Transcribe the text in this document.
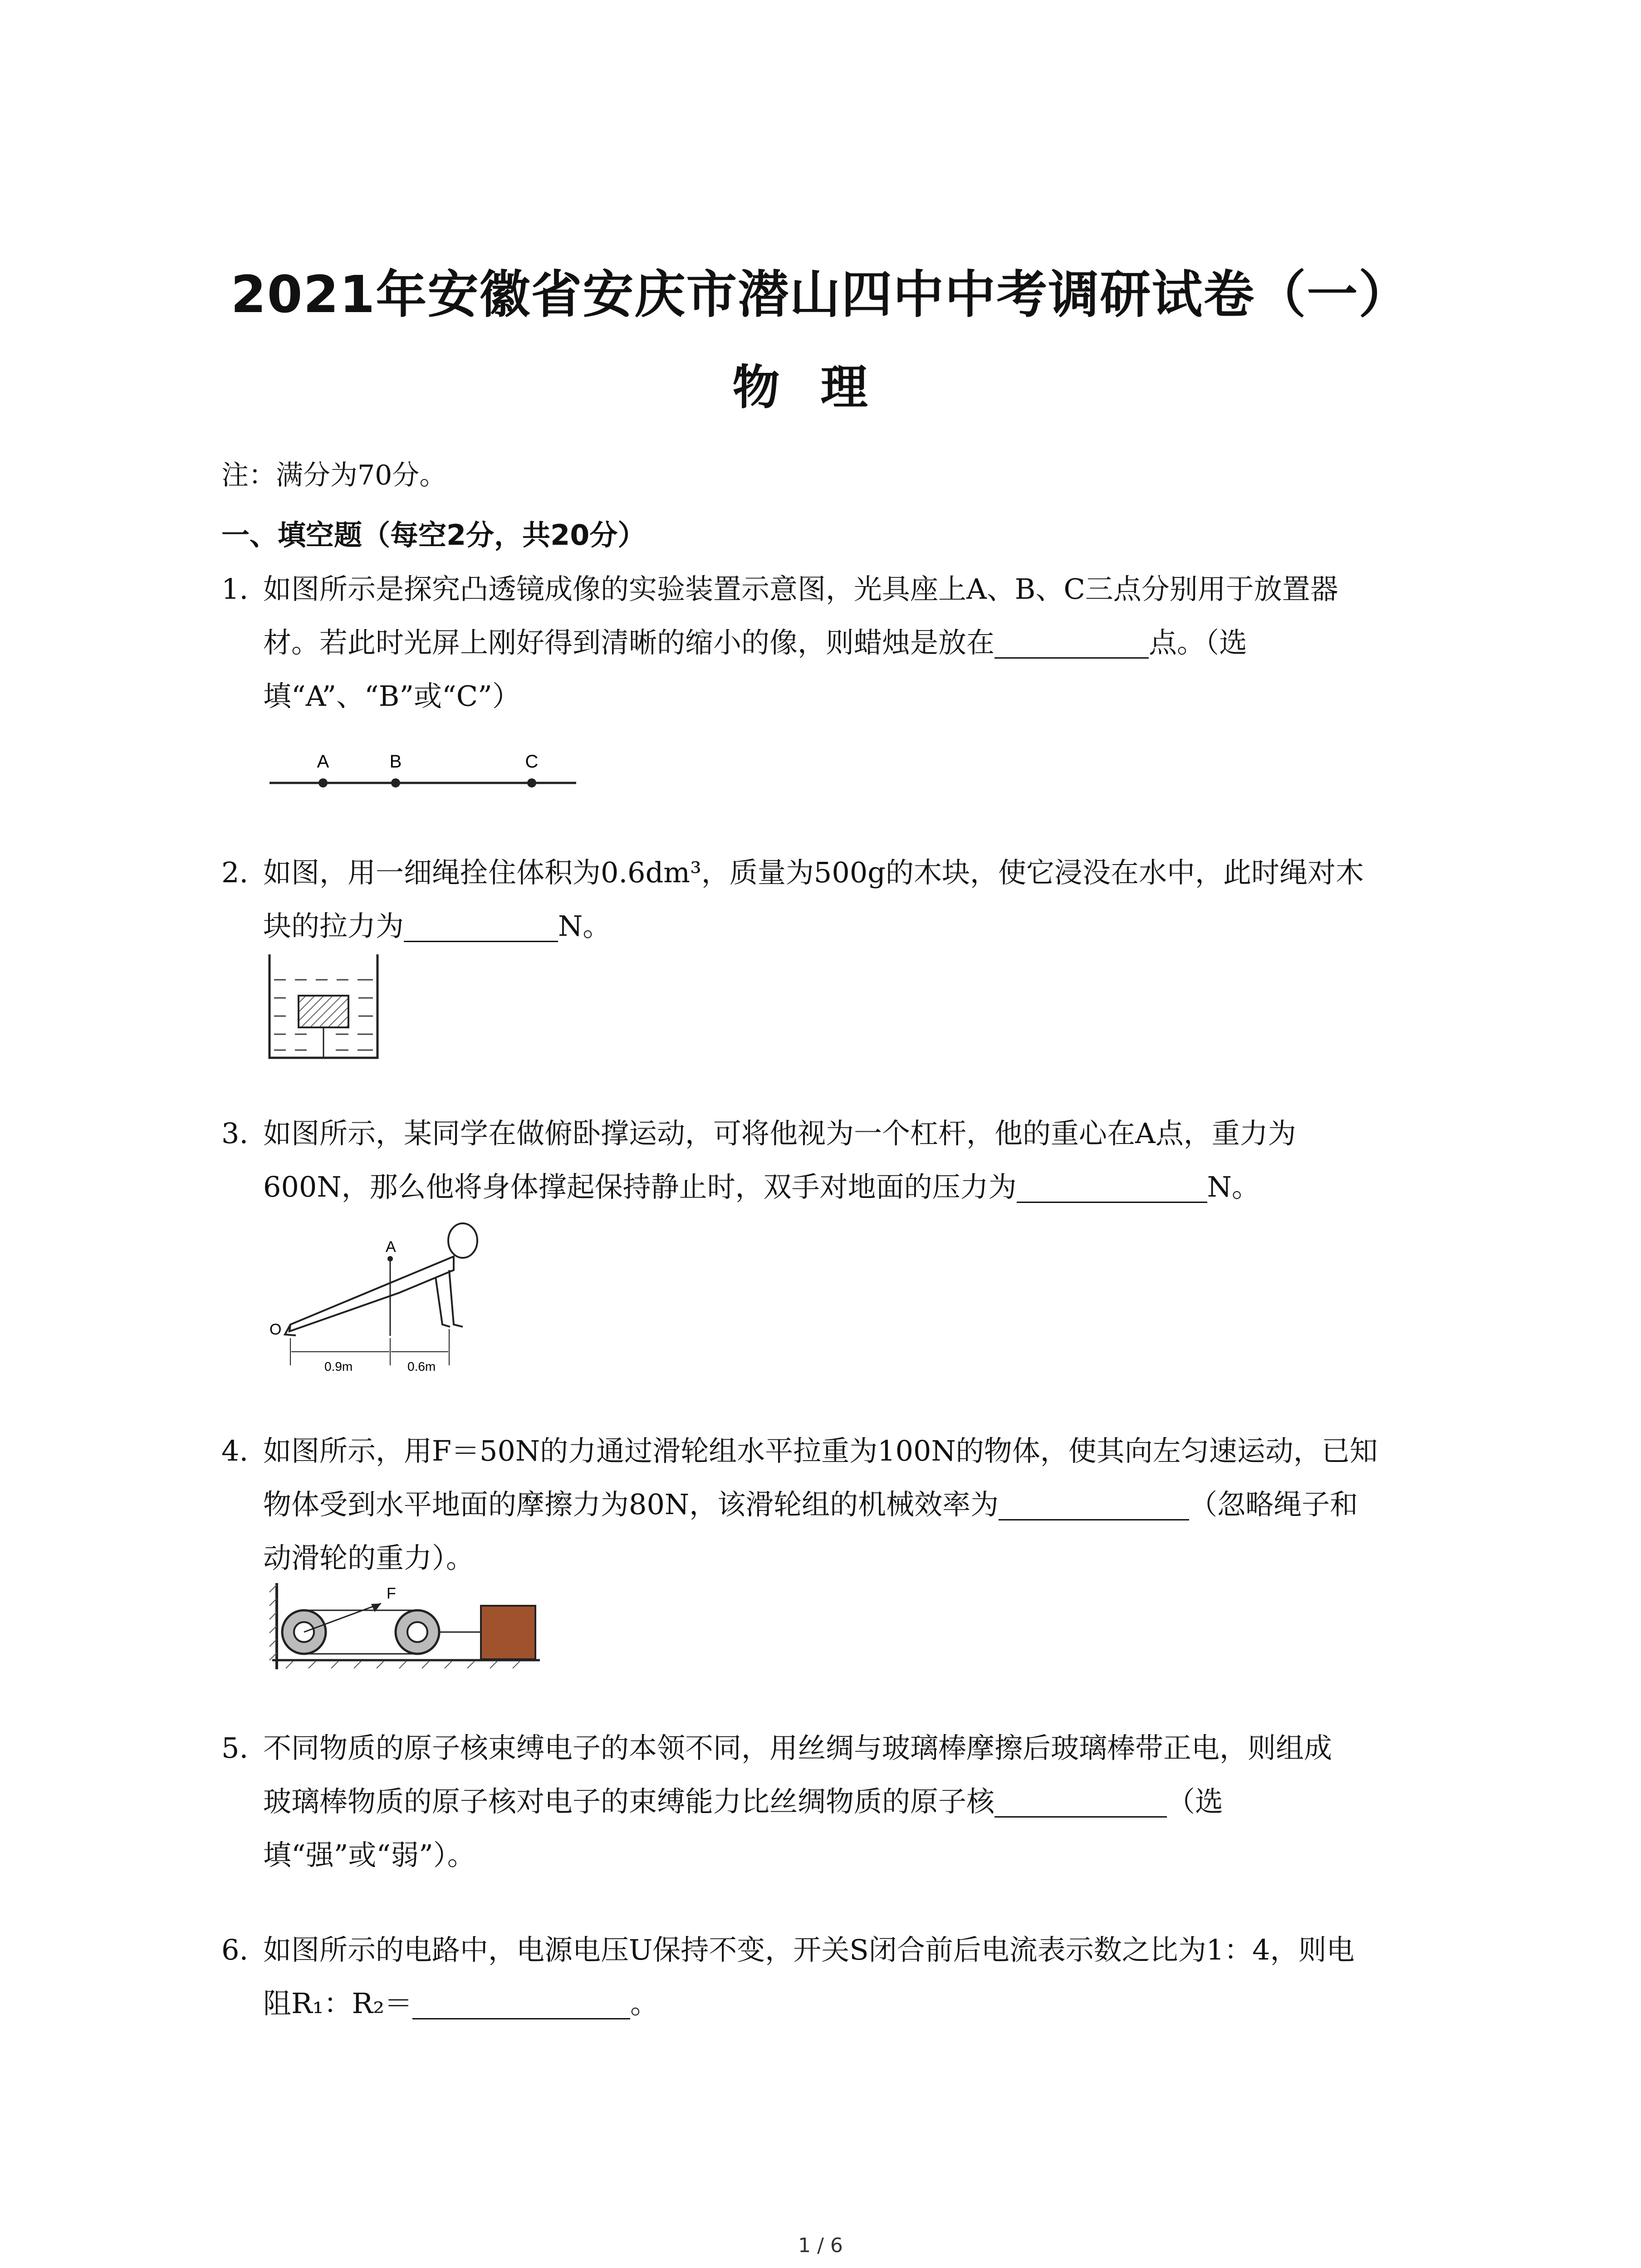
2021年安徽省安庆市潜山四中中考调研试卷（一）
物理
注：满分为70分。
一、填空题（每空2分，共20分）
1. 如图所示是探究凸透镜成像的实验装置示意图，光具座上A、B、C三点分别用于放置器
材。若此时光屏上刚好得到清晰的缩小的像，则蜡烛是放在	点。（选
填“A”、“B”或“C”）
A	B	C
2. 如图，用一细绳拴住体积为0.6dm³，质量为500g的木块，使它浸没在水中，此时绳对木
块的拉力为	N。
3. 如图所示，某同学在做俯卧撑运动，可将他视为一个杠杆，他的重心在A点，重力为
600N，那么他将身体撑起保持静止时，双手对地面的压力为	N。
A
O
0.9m	0.6m
4. 如图所示，用F＝50N的力通过滑轮组水平拉重为100N的物体，使其向左匀速运动，已知
物体受到水平地面的摩擦力为80N，该滑轮组的机械效率为	（忽略绳子和
动滑轮的重力）。
F
5. 不同物质的原子核束缚电子的本领不同，用丝绸与玻璃棒摩擦后玻璃棒带正电，则组成
玻璃棒物质的原子核对电子的束缚能力比丝绸物质的原子核	（选
填“强”或“弱”）。
6. 如图所示的电路中，电源电压U保持不变，开关S闭合前后电流表示数之比为1：4，则电
阻R₁：R₂＝	。
1 / 6
